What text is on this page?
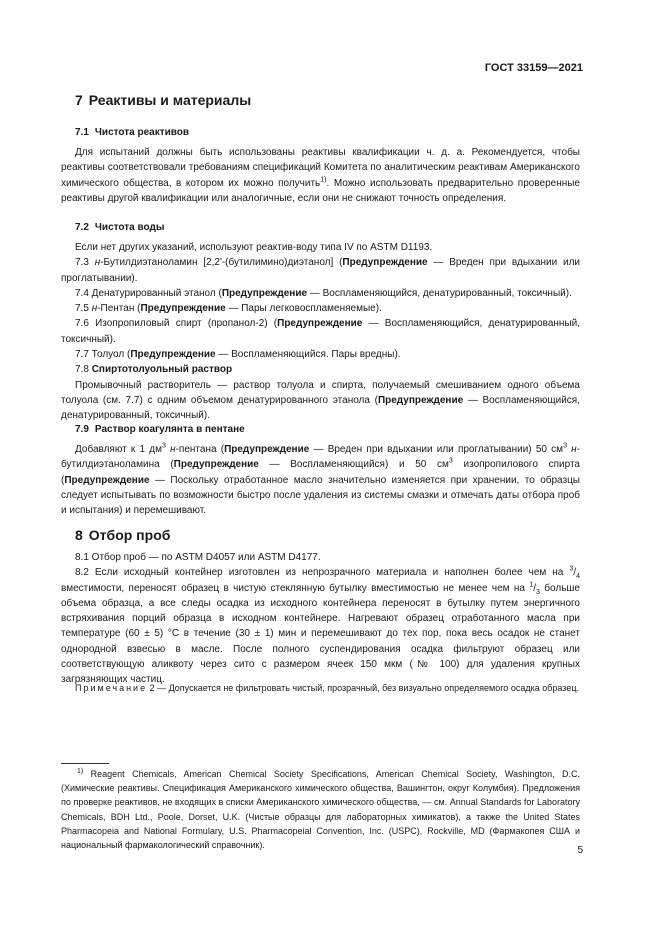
ГОСТ 33159—2021
7 Реактивы и материалы
7.1 Чистота реактивов

Для испытаний должны быть использованы реактивы квалификации ч. д. а. Рекомендуется, чтобы реактивы соответствовали требованиям спецификаций Комитета по аналитическим реактивам Американского химического общества, в котором их можно получить$^{1)}$. Можно использовать предварительно проверенные реактивы другой квалификации или аналогичные, если они не снижают точность определения.

7.2 Чистота воды

Если нет других указаний, используют реактив-воду типа IV по ASTM D1193.

7.3 н-Бутилдиэтаноламин [2,2'-(бутилимино)диэтанол] (Предупреждение — Вреден при вдыхании или проглатывании).

7.4 Денатурированный этанол (Предупреждение — Воспламеняющийся, денатурированный, токсичный).

7.5 н-Пентан (Предупреждение — Пары легковоспламеняемые).

7.6 Изопропиловый спирт (пропанол-2) (Предупреждение — Воспламеняющийся, денатурированный, токсичный).

7.7 Толуол (Предупреждение — Воспламеняющийся. Пары вредны).

7.8 Спиртотолуольный раствор

Промывочный растворитель — раствор толуола и спирта, получаемый смешиванием одного объема толуола (см. 7.7) с одним объемом денатурированного этанола (Предупреждение — Воспламеняющийся, денатурированный, токсичный).

7.9 Раствор коагулянта в пентане

Добавляют к 1 $дм^3$ н-пентана (Предупреждение — Вреден при вдыхании или проглатывании) 50 $см^3$ н-бутилдиэтаноламина (Предупреждение — Воспламеняющийся) и 50 $см^3$ изопропилового спирта (Предупреждение — Поскольку отработанное масло значительно изменяется при хранении, то образцы следует испытывать по возможности быстро после удаления из системы смазки и отмечать даты отбора проб и испытания) и перемешивают.

8 Отбор проб

8.1 Отбор проб — по ASTM D4057 или ASTM D4177.

8.2 Если исходный контейнер изготовлен из непрозрачного материала и наполнен более чем на $^3/_4$ вместимости, переносят образец в чистую стеклянную бутылку вместимостью не менее чем на $^1/_3$ больше объема образца, а все следы осадка из исходного контейнера переносят в бутылку путем энергичного встряхивания порций образца в исходном контейнере. Нагревают образец отработанного масла при температуре (60 ± 5) °С в течение (30 ± 1) мин и перемешивают до тех пор, пока весь осадок не станет однородной взвесью в масле. После полного суспендирования осадка фильтруют образец или соответствующую аликвоту через сито с размером ячеек 150 мкм (№ 100) для удаления крупных загрязняющих частиц.

Примечание 2 — Допускается не фильтровать чистый, прозрачный, без визуально определяемого осадка образец.

$^{1)}$ Reagent Chemicals, American Chemical Society Specifications, American Chemical Society, Washington, D.C. (Химические реактивы. Спецификация Американского химического общества, Вашингтон, округ Колумбия). Предложения по проверке реактивов, не входящих в списки Американского химического общества, — см. Annual Standards for Laboratory Chemicals, BDH Ltd., Poole, Dorset, U.K. (Чистые образцы для лабораторных химикатов), а также the United States Pharmacopeia and National Formulary, U.S. Pharmacopeial Convention, Inc. (USPC), Rockville, MD (Фармакопея США и национальный фармакологический справочник).	5
